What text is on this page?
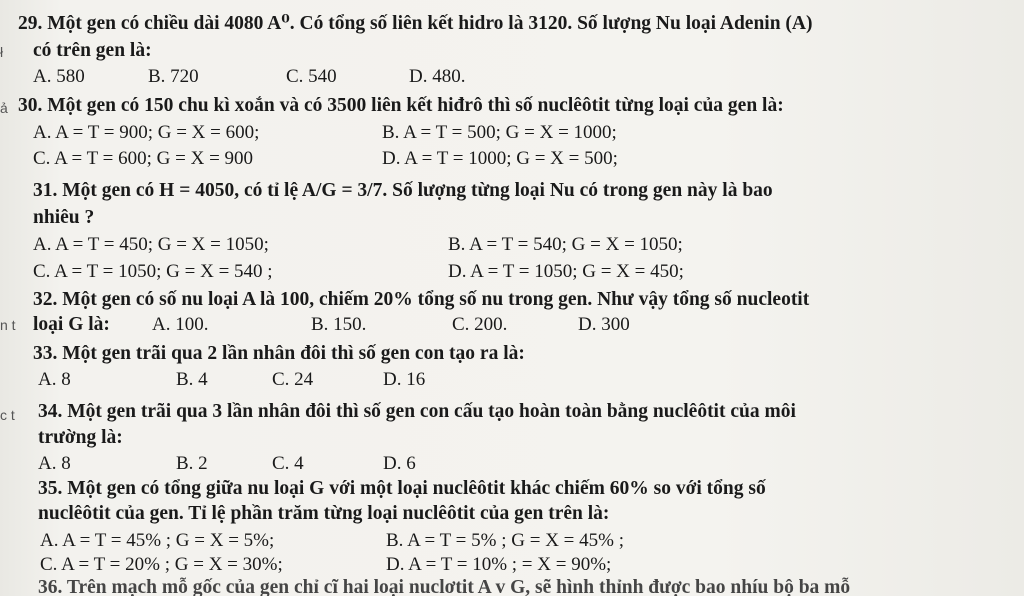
ł
ả
n t
c t
29. Một gen có chiều dài 4080 A⁰. Có tổng số liên kết hidro là 3120. Số lượng Nu loại Adenin (A)
có trên gen là:
A. 580	B. 720	C. 540	D. 480.
30. Một gen có 150 chu kì xoắn và có 3500 liên kết hiđrô thì số nuclêôtit từng loại của gen là:
A. A = T = 900; G = X = 600;	B. A = T = 500; G = X = 1000;
C. A = T = 600; G = X = 900	D. A = T = 1000; G = X = 500;
31. Một gen có H = 4050, có tỉ lệ A/G = 3/7. Số lượng từng loại Nu có trong gen này là bao
nhiêu ?
A. A = T = 450; G = X = 1050;	B. A = T = 540; G = X = 1050;
C. A = T = 1050; G = X = 540 ;	D. A = T = 1050; G = X = 450;
32. Một gen có số nu loại A là 100, chiếm 20% tổng số nu trong gen. Như vậy tổng số nucleotit
loại G là: A. 100.	B. 150.	C. 200.	D. 300
33. Một gen trãi qua 2 lần nhân đôi thì số gen con tạo ra là:
A. 8	B. 4	C. 24	D. 16
34. Một gen trãi qua 3 lần nhân đôi thì số gen con cấu tạo hoàn toàn bằng nuclêôtit của môi
trường là:
A. 8	B. 2	C. 4	D. 6
35. Một gen có tổng giữa nu loại G với một loại nuclêôtit khác chiếm 60% so với tổng số
nuclêôtit của gen. Tỉ lệ phần trăm từng loại nuclêôtit của gen trên là:
A. A = T = 45% ; G = X = 5%;	B. A = T = 5% ; G = X = 45% ;
C. A = T = 20% ; G = X = 30%;	D. A = T = 10% ; = X = 90%;
36. Trên mạch mỗ gốc của gen chỉ cĩ hai loại nuclơtit A v G, sẽ hình thỉnh được bao nhíu bộ ba mỗ
